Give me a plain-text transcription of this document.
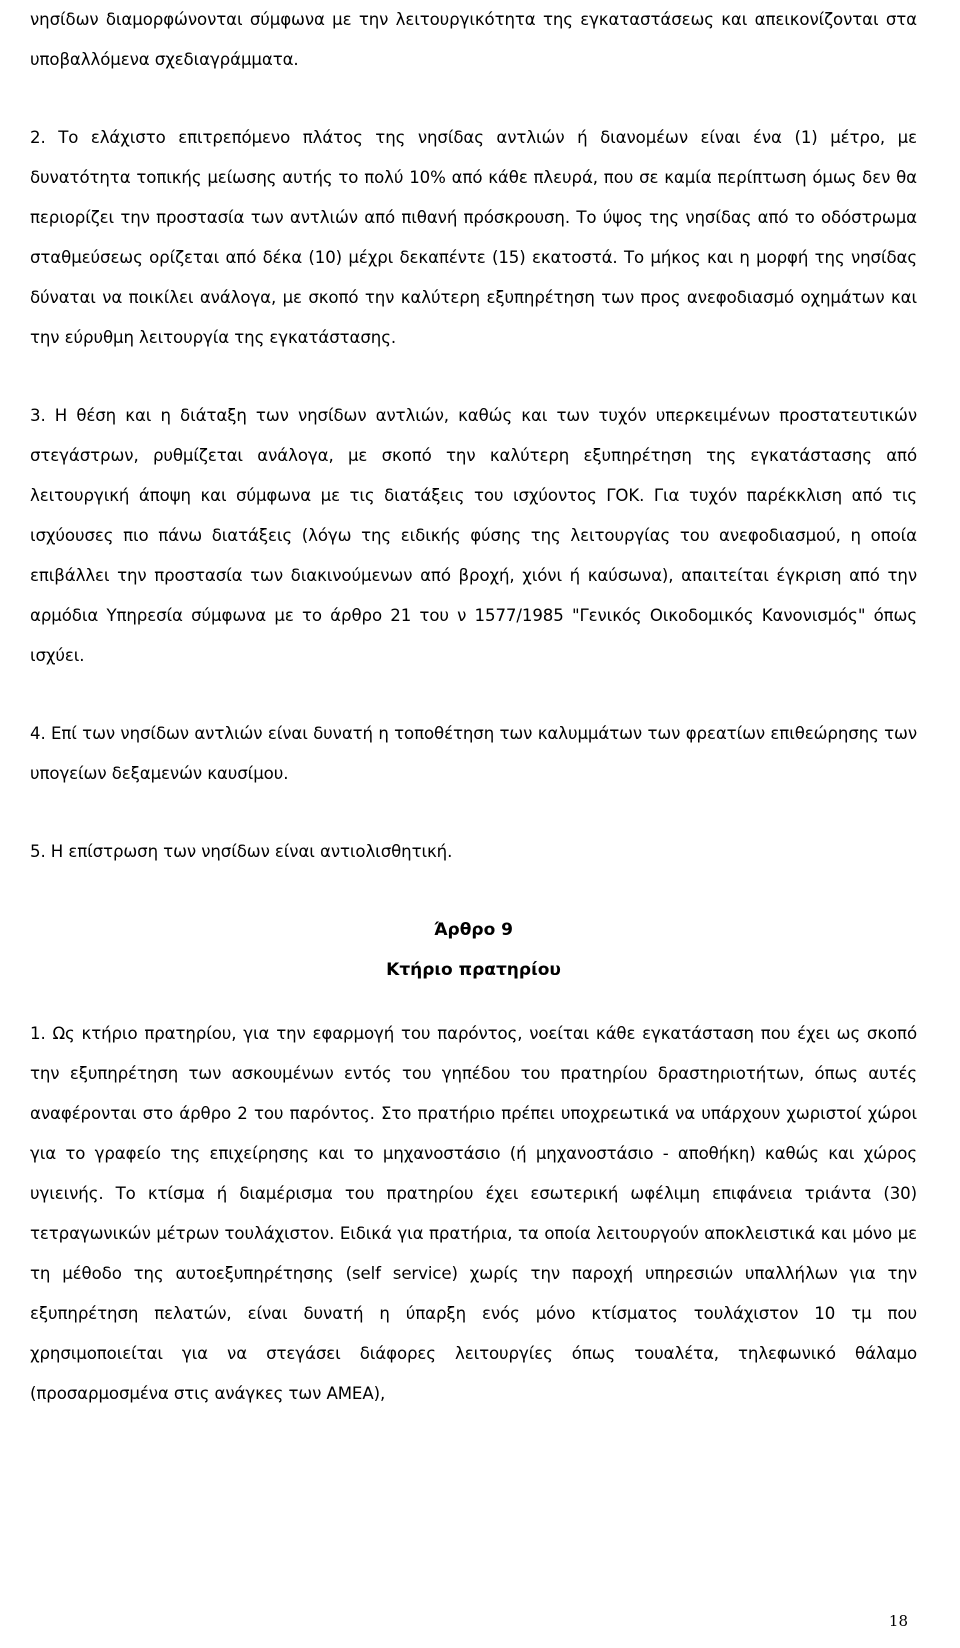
νησίδων διαμορφώνονται σύμφωνα με την λειτουργικότητα της εγκαταστάσεως και απεικονίζονται στα υποβαλλόμενα σχεδιαγράμματα.

2. Το ελάχιστο επιτρεπόμενο πλάτος της νησίδας αντλιών ή διανομέων είναι ένα (1) μέτρο, με δυνατότητα τοπικής μείωσης αυτής το πολύ 10% από κάθε πλευρά, που σε καμία περίπτωση όμως δεν θα περιορίζει την προστασία των αντλιών από πιθανή πρόσκρουση. Το ύψος της νησίδας από το οδόστρωμα σταθμεύσεως ορίζεται από δέκα (10) μέχρι δεκαπέντε (15) εκατοστά. Το μήκος και η μορφή της νησίδας δύναται να ποικίλει ανάλογα, με σκοπό την καλύτερη εξυπηρέτηση των προς ανεφοδιασμό οχημάτων και την εύρυθμη λειτουργία της εγκατάστασης.

3. Η θέση και η διάταξη των νησίδων αντλιών, καθώς και των τυχόν υπερκειμένων προστατευτικών στεγάστρων, ρυθμίζεται ανάλογα, με σκοπό την καλύτερη εξυπηρέτηση της εγκατάστασης από λειτουργική άποψη και σύμφωνα με τις διατάξεις του ισχύοντος ΓΟΚ. Για τυχόν παρέκκλιση από τις ισχύουσες πιο πάνω διατάξεις (λόγω της ειδικής φύσης της λειτουργίας του ανεφοδιασμού, η οποία επιβάλλει την προστασία των διακινούμενων από βροχή, χιόνι ή καύσωνα), απαιτείται έγκριση από την αρμόδια Υπηρεσία σύμφωνα με το άρθρο 21 του ν 1577/1985 "Γενικός Οικοδομικός Κανονισμός" όπως ισχύει.

4. Επί των νησίδων αντλιών είναι δυνατή η τοποθέτηση των καλυμμάτων των φρεατίων επιθεώρησης των υπογείων δεξαμενών καυσίμου.

5. Η επίστρωση των νησίδων είναι αντιολισθητική.

Άρθρο 9
Κτήριο πρατηρίου

1. Ως κτήριο πρατηρίου, για την εφαρμογή του παρόντος, νοείται κάθε εγκατάσταση που έχει ως σκοπό την εξυπηρέτηση των ασκουμένων εντός του γηπέδου του πρατηρίου δραστηριοτήτων, όπως αυτές αναφέρονται στο άρθρο 2 του παρόντος. Στο πρατήριο πρέπει υποχρεωτικά να υπάρχουν χωριστοί χώροι για το γραφείο της επιχείρησης και το μηχανοστάσιο (ή μηχανοστάσιο - αποθήκη) καθώς και χώρος υγιεινής. Το κτίσμα ή διαμέρισμα του πρατηρίου έχει εσωτερική ωφέλιμη επιφάνεια τριάντα (30) τετραγωνικών μέτρων τουλάχιστον. Ειδικά για πρατήρια, τα οποία λειτουργούν αποκλειστικά και μόνο με τη μέθοδο της αυτοεξυπηρέτησης (self service) χωρίς την παροχή υπηρεσιών υπαλλήλων για την εξυπηρέτηση πελατών, είναι δυνατή η ύπαρξη ενός μόνο κτίσματος τουλάχιστον 10 τμ που χρησιμοποιείται για να στεγάσει διάφορες λειτουργίες όπως τουαλέτα, τηλεφωνικό θάλαμο (προσαρμοσμένα στις ανάγκες των ΑΜΕΑ),

18
